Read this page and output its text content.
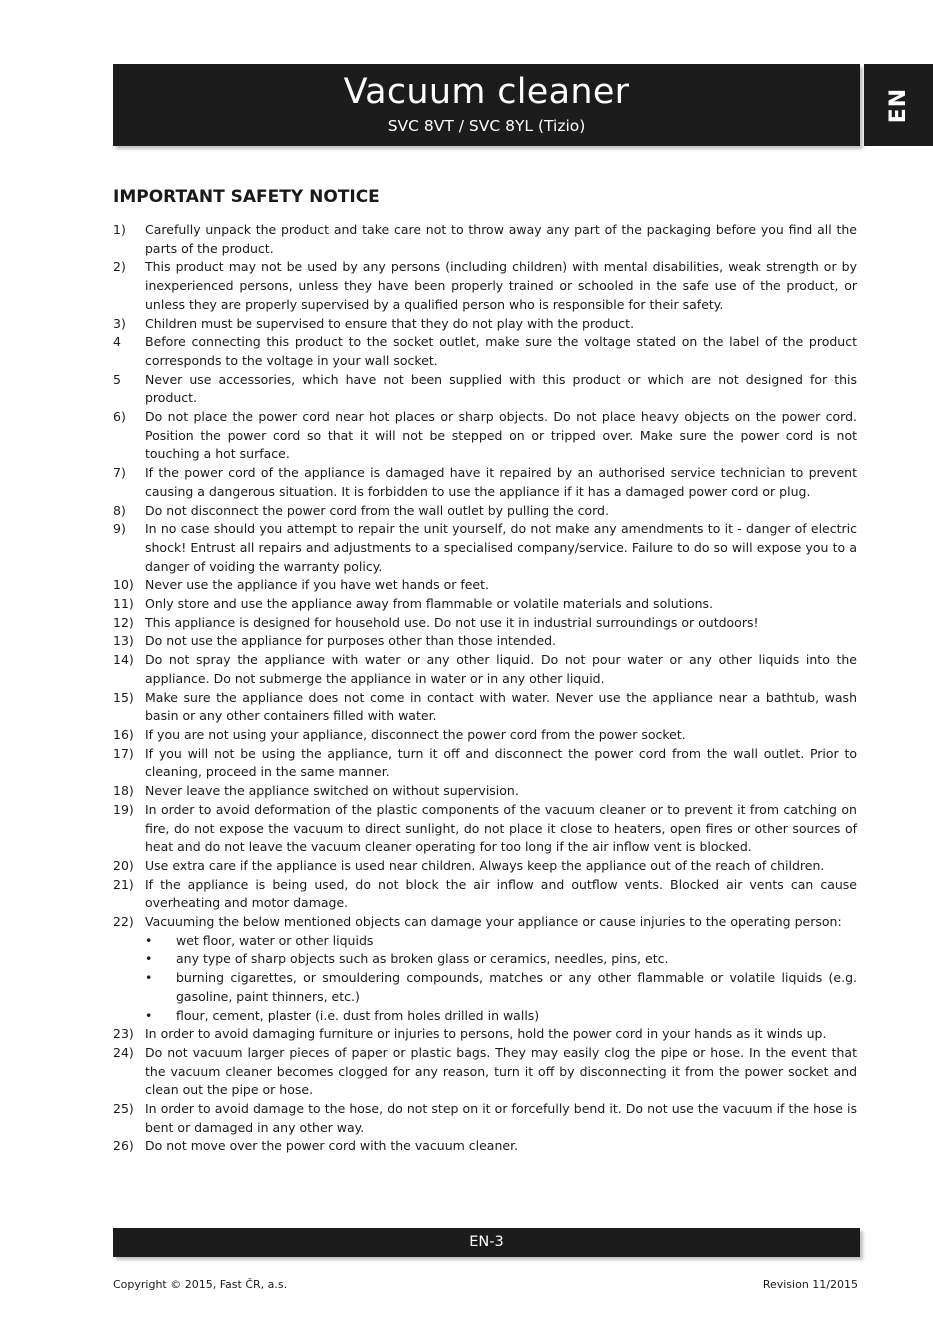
Vacuum cleaner
SVC 8VT / SVC 8YL (Tizio)
EN
IMPORTANT SAFETY NOTICE
1) Carefully unpack the product and take care not to throw away any part of the packaging before you find all the parts of the product.
2) This product may not be used by any persons (including children) with mental disabilities, weak strength or by inexperienced persons, unless they have been properly trained or schooled in the safe use of the product, or unless they are properly supervised by a qualified person who is responsible for their safety.
3) Children must be supervised to ensure that they do not play with the product.
4 Before connecting this product to the socket outlet, make sure the voltage stated on the label of the product corresponds to the voltage in your wall socket.
5 Never use accessories, which have not been supplied with this product or which are not designed for this product.
6) Do not place the power cord near hot places or sharp objects. Do not place heavy objects on the power cord. Position the power cord so that it will not be stepped on or tripped over. Make sure the power cord is not touching a hot surface.
7) If the power cord of the appliance is damaged have it repaired by an authorised service technician to prevent causing a dangerous situation. It is forbidden to use the appliance if it has a damaged power cord or plug.
8) Do not disconnect the power cord from the wall outlet by pulling the cord.
9) In no case should you attempt to repair the unit yourself, do not make any amendments to it - danger of electric shock! Entrust all repairs and adjustments to a specialised company/service. Failure to do so will expose you to a danger of voiding the warranty policy.
10) Never use the appliance if you have wet hands or feet.
11) Only store and use the appliance away from flammable or volatile materials and solutions.
12) This appliance is designed for household use. Do not use it in industrial surroundings or outdoors!
13) Do not use the appliance for purposes other than those intended.
14) Do not spray the appliance with water or any other liquid. Do not pour water or any other liquids into the appliance. Do not submerge the appliance in water or in any other liquid.
15) Make sure the appliance does not come in contact with water. Never use the appliance near a bathtub, wash basin or any other containers filled with water.
16) If you are not using your appliance, disconnect the power cord from the power socket.
17) If you will not be using the appliance, turn it off and disconnect the power cord from the wall outlet. Prior to cleaning, proceed in the same manner.
18) Never leave the appliance switched on without supervision.
19) In order to avoid deformation of the plastic components of the vacuum cleaner or to prevent it from catching on fire, do not expose the vacuum to direct sunlight, do not place it close to heaters, open fires or other sources of heat and do not leave the vacuum cleaner operating for too long if the air inflow vent is blocked.
20) Use extra care if the appliance is used near children. Always keep the appliance out of the reach of children.
21) If the appliance is being used, do not block the air inflow and outflow vents. Blocked air vents can cause overheating and motor damage.
22) Vacuuming the below mentioned objects can damage your appliance or cause injuries to the operating person:
• wet floor, water or other liquids
• any type of sharp objects such as broken glass or ceramics, needles, pins, etc.
• burning cigarettes, or smouldering compounds, matches or any other flammable or volatile liquids (e.g. gasoline, paint thinners, etc.)
• flour, cement, plaster (i.e. dust from holes drilled in walls)
23) In order to avoid damaging furniture or injuries to persons, hold the power cord in your hands as it winds up.
24) Do not vacuum larger pieces of paper or plastic bags. They may easily clog the pipe or hose. In the event that the vacuum cleaner becomes clogged for any reason, turn it off by disconnecting it from the power socket and clean out the pipe or hose.
25) In order to avoid damage to the hose, do not step on it or forcefully bend it. Do not use the vacuum if the hose is bent or damaged in any other way.
26) Do not move over the power cord with the vacuum cleaner.
EN-3
Copyright © 2015, Fast ČR, a.s.	Revision 11/2015
